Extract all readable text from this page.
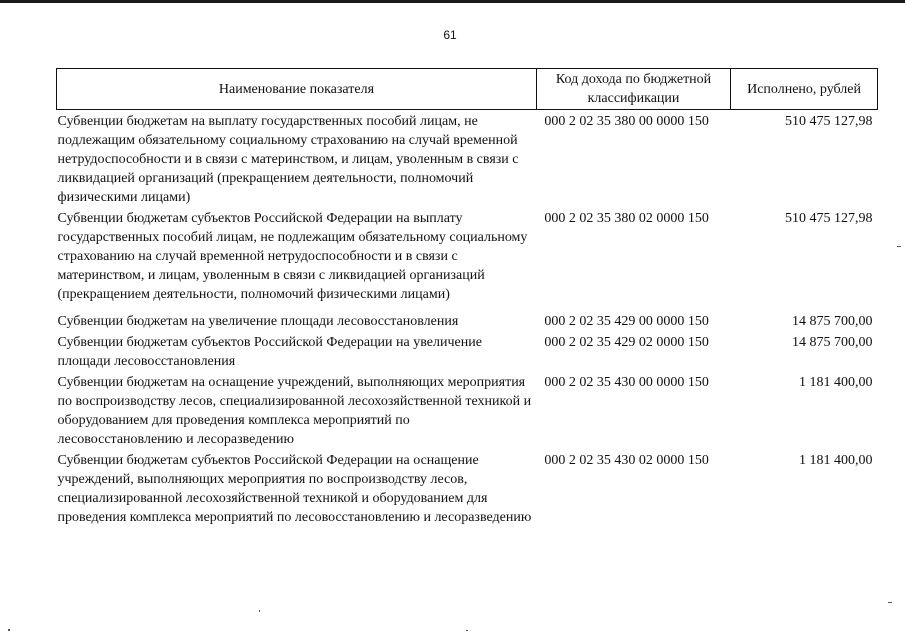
61
Наименование показателя	Код дохода по бюджетной классификации	Исполнено, рублей
Субвенции бюджетам на выплату государственных пособий лицам, не подлежащим обязательному социальному страхованию на случай временной нетрудоспособности и в связи с материнством, и лицам, уволенным в связи с ликвидацией организаций (прекращением деятельности, полномочий физическими лицами)	000 2 02 35 380 00 0000 150	510 475 127,98
Субвенции бюджетам субъектов Российской Федерации на выплату государственных пособий лицам, не подлежащим обязательному социальному страхованию на случай временной нетрудоспособности и в связи с материнством, и лицам, уволенным в связи с ликвидацией организаций (прекращением деятельности, полномочий физическими лицами)	000 2 02 35 380 02 0000 150	510 475 127,98
Субвенции бюджетам на увеличение площади лесовосстановления	000 2 02 35 429 00 0000 150	14 875 700,00
Субвенции бюджетам субъектов Российской Федерации на увеличение площади лесовосстановления	000 2 02 35 429 02 0000 150	14 875 700,00
Субвенции бюджетам на оснащение учреждений, выполняющих мероприятия по воспроизводству лесов, специализированной лесохозяйственной техникой и оборудованием для проведения комплекса мероприятий по лесовосстановлению и лесоразведению	000 2 02 35 430 00 0000 150	1 181 400,00
Субвенции бюджетам субъектов Российской Федерации на оснащение учреждений, выполняющих мероприятия по воспроизводству лесов, специализированной лесохозяйственной техникой и оборудованием для проведения комплекса мероприятий по лесовосстановлению и лесоразведению	000 2 02 35 430 02 0000 150	1 181 400,00
